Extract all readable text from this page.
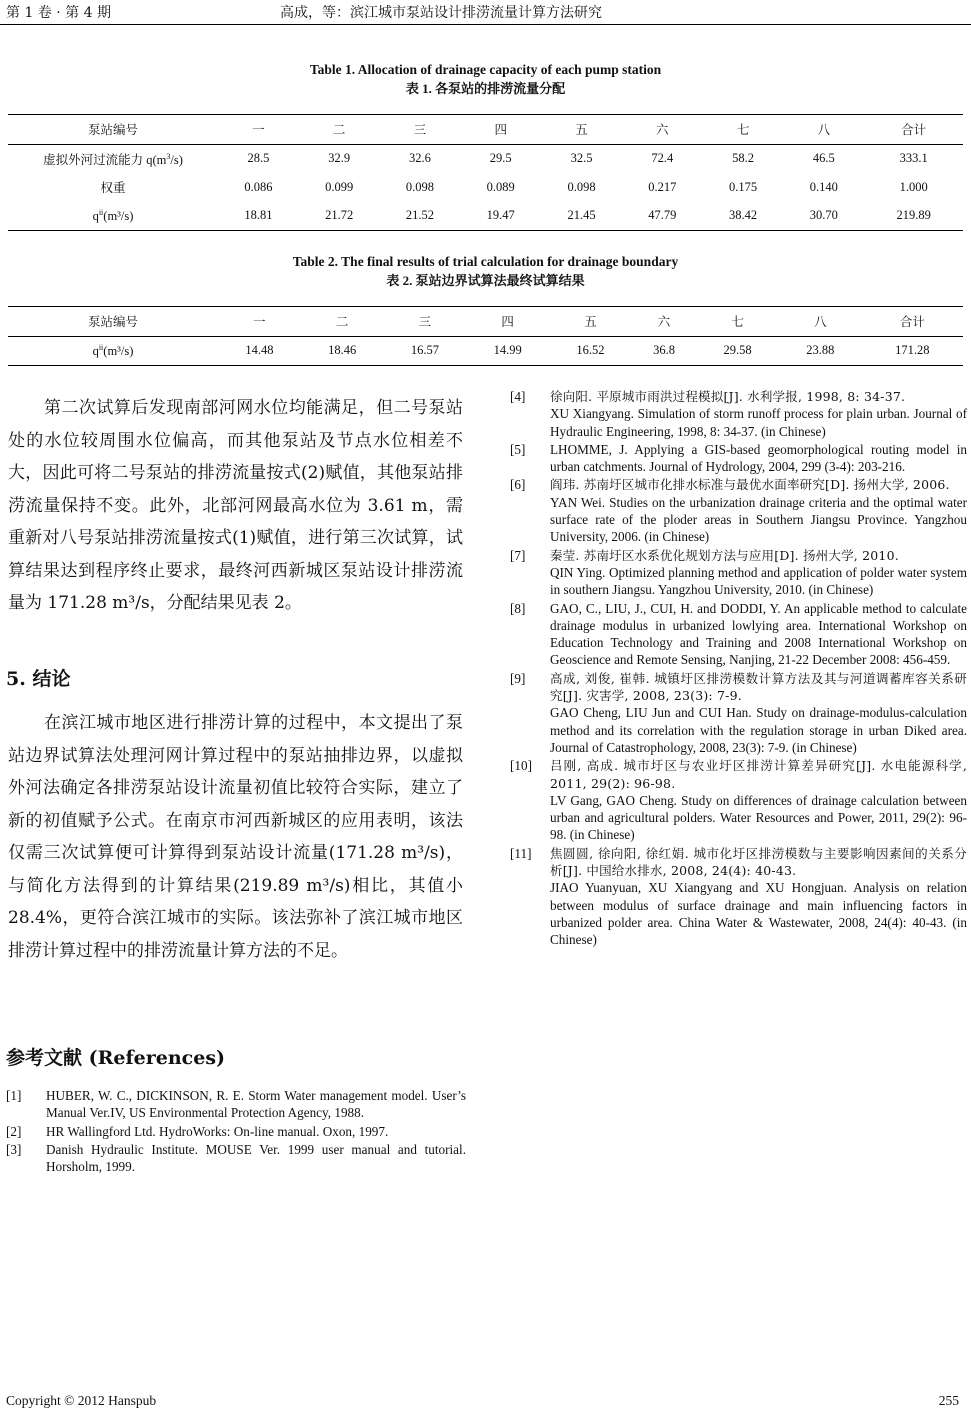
第 1 卷 · 第 4 期	高成，等：滨江城市泵站设计排涝流量计算方法研究
Table 1. Allocation of drainage capacity of each pump station
表 1. 各泵站的排涝流量分配
泵站编号	一	二	三	四	五	六	七	八	合计
虚拟外河过流能力 $q(m^3/s)$	28.5	32.9	32.6	29.5	32.5	72.4	58.2	46.5	333.1
权重	0.086	0.099	0.098	0.089	0.098	0.217	0.175	0.140	1.000
$q^{ii}(m^3/s)$	18.81	21.72	21.52	19.47	21.45	47.79	38.42	30.70	219.89
Table 2. The final results of trial calculation for drainage boundary
表 2. 泵站边界试算法最终试算结果
泵站编号	一	二	三	四	五	六	七	八	合计
$q^{ii}(m^3/s)$	14.48	18.46	16.57	14.99	16.52	36.8	29.58	23.88	171.28

第二次试算后发现南部河网水位均能满足，但二号泵站处的水位较周围水位偏高，而其他泵站及节点水位相差不大，因此可将二号泵站的排涝流量按式(2)赋值，其他泵站排涝流量保持不变。此外，北部河网最高水位为 3.61 m，需重新对八号泵站排涝流量按式(1)赋值，进行第三次试算，试算结果达到程序终止要求，最终河西新城区泵站设计排涝流量为 171.28 m³/s，分配结果见表 2。

5. 结论

在滨江城市地区进行排涝计算的过程中，本文提出了泵站边界试算法处理河网计算过程中的泵站抽排边界，以虚拟外河法确定各排涝泵站设计流量初值比较符合实际，建立了新的初值赋予公式。在南京市河西新城区的应用表明，该法仅需三次试算便可计算得到泵站设计流量(171.28 m³/s)，与简化方法得到的计算结果(219.89 m³/s)相比，其值小 28.4%，更符合滨江城市的实际。该法弥补了滨江城市地区排涝计算过程中的排涝流量计算方法的不足。

参考文献 (References)
[1] HUBER, W. C., DICKINSON, R. E. Storm Water management model. User’s Manual Ver.IV, US Environmental Protection Agency, 1988.
[2] HR Wallingford Ltd. HydroWorks: On-line manual. Oxon, 1997.
[3] Danish Hydraulic Institute. MOUSE Ver. 1999 user manual and tutorial. Horsholm, 1999.
[4] 徐向阳. 平原城市雨洪过程模拟[J]. 水利学报, 1998, 8: 34-37.
XU Xiangyang. Simulation of storm runoff process for plain urban. Journal of Hydraulic Engineering, 1998, 8: 34-37. (in Chinese)
[5] LHOMME, J. Applying a GIS-based geomorphological routing model in urban catchments. Journal of Hydrology, 2004, 299 (3-4): 203-216.
[6] 阎玮. 苏南圩区城市化排水标准与最优水面率研究[D]. 扬州大学, 2006.
YAN Wei. Studies on the urbanization drainage criteria and the optimal water surface rate of the ploder areas in Southern Jiangsu Province. Yangzhou University, 2006. (in Chinese)
[7] 秦莹. 苏南圩区水系优化规划方法与应用[D]. 扬州大学, 2010.
QIN Ying. Optimized planning method and application of polder water system in southern Jiangsu. Yangzhou University, 2010. (in Chinese)
[8] GAO, C., LIU, J., CUI, H. and DODDI, Y. An applicable method to calculate drainage modulus in urbanized lowlying area. International Workshop on Education Technology and Training and 2008 International Workshop on Geoscience and Remote Sensing, Nanjing, 21-22 December 2008: 456-459.
[9] 高成, 刘俊, 崔韩. 城镇圩区排涝模数计算方法及其与河道调蓄库容关系研究[J]. 灾害学, 2008, 23(3): 7-9.
GAO Cheng, LIU Jun and CUI Han. Study on drainage-modulus-calculation method and its correlation with the regulation storage in urban Diked area. Journal of Catastrophology, 2008, 23(3): 7-9. (in Chinese)
[10] 吕刚, 高成. 城市圩区与农业圩区排涝计算差异研究[J]. 水电能源科学, 2011, 29(2): 96-98.
LV Gang, GAO Cheng. Study on differences of drainage calculation between urban and agricultural polders. Water Resources and Power, 2011, 29(2): 96-98. (in Chinese)
[11] 焦圆圆, 徐向阳, 徐红娟. 城市化圩区排涝模数与主要影响因素间的关系分析[J]. 中国给水排水, 2008, 24(4): 40-43.
JIAO Yuanyuan, XU Xiangyang and XU Hongjuan. Analysis on relation between modulus of surface drainage and main influencing factors in urbanized polder area. China Water & Wastewater, 2008, 24(4): 40-43. (in Chinese)
Copyright © 2012 Hanspub	255
